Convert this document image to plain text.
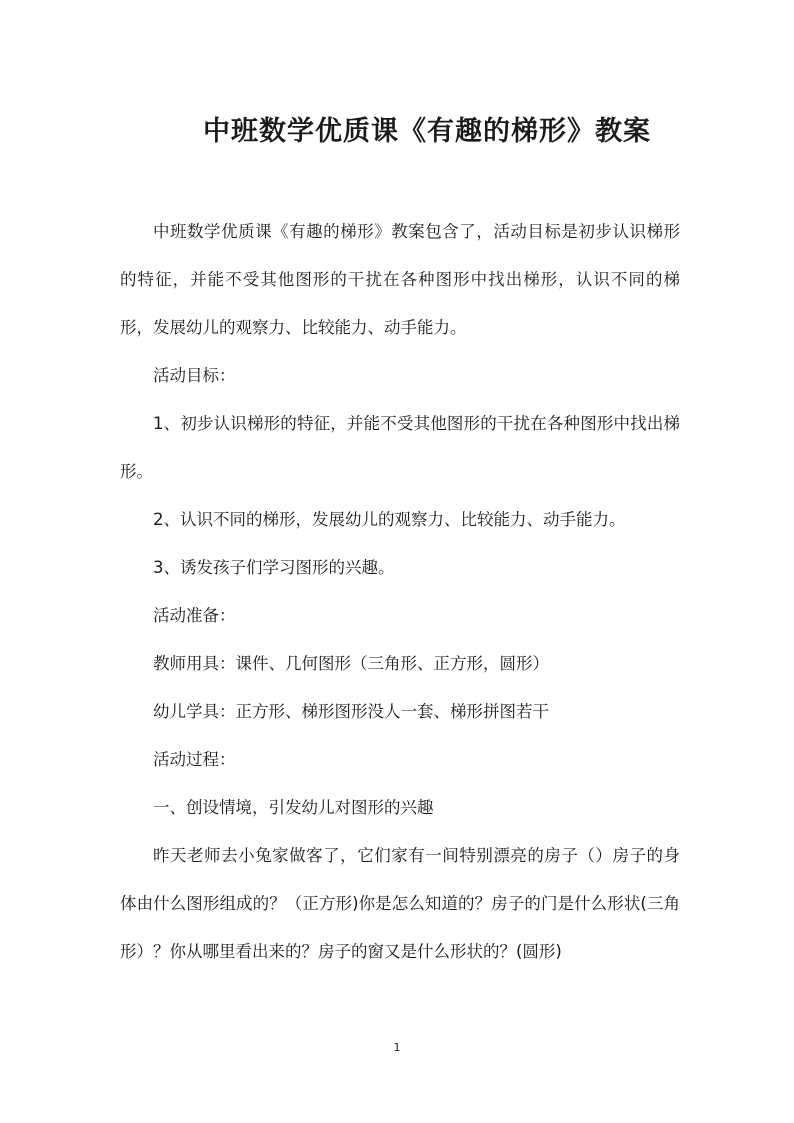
中班数学优质课《有趣的梯形》教案

中班数学优质课《有趣的梯形》教案包含了，活动目标是初步认识梯形的特征，并能不受其他图形的干扰在各种图形中找出梯形，认识不同的梯形，发展幼儿的观察力、比较能力、动手能力。

活动目标：

1、初步认识梯形的特征，并能不受其他图形的干扰在各种图形中找出梯形。

2、认识不同的梯形，发展幼儿的观察力、比较能力、动手能力。

3、诱发孩子们学习图形的兴趣。

活动准备：

教师用具：课件、几何图形（三角形、正方形，圆形）

幼儿学具：正方形、梯形图形没人一套、梯形拼图若干

活动过程：

一、创设情境，引发幼儿对图形的兴趣

昨天老师去小兔家做客了，它们家有一间特别漂亮的房子（）房子的身体由什么图形组成的？（正方形)你是怎么知道的？房子的门是什么形状(三角形）？你从哪里看出来的？房子的窗又是什么形状的？(圆形)

1
